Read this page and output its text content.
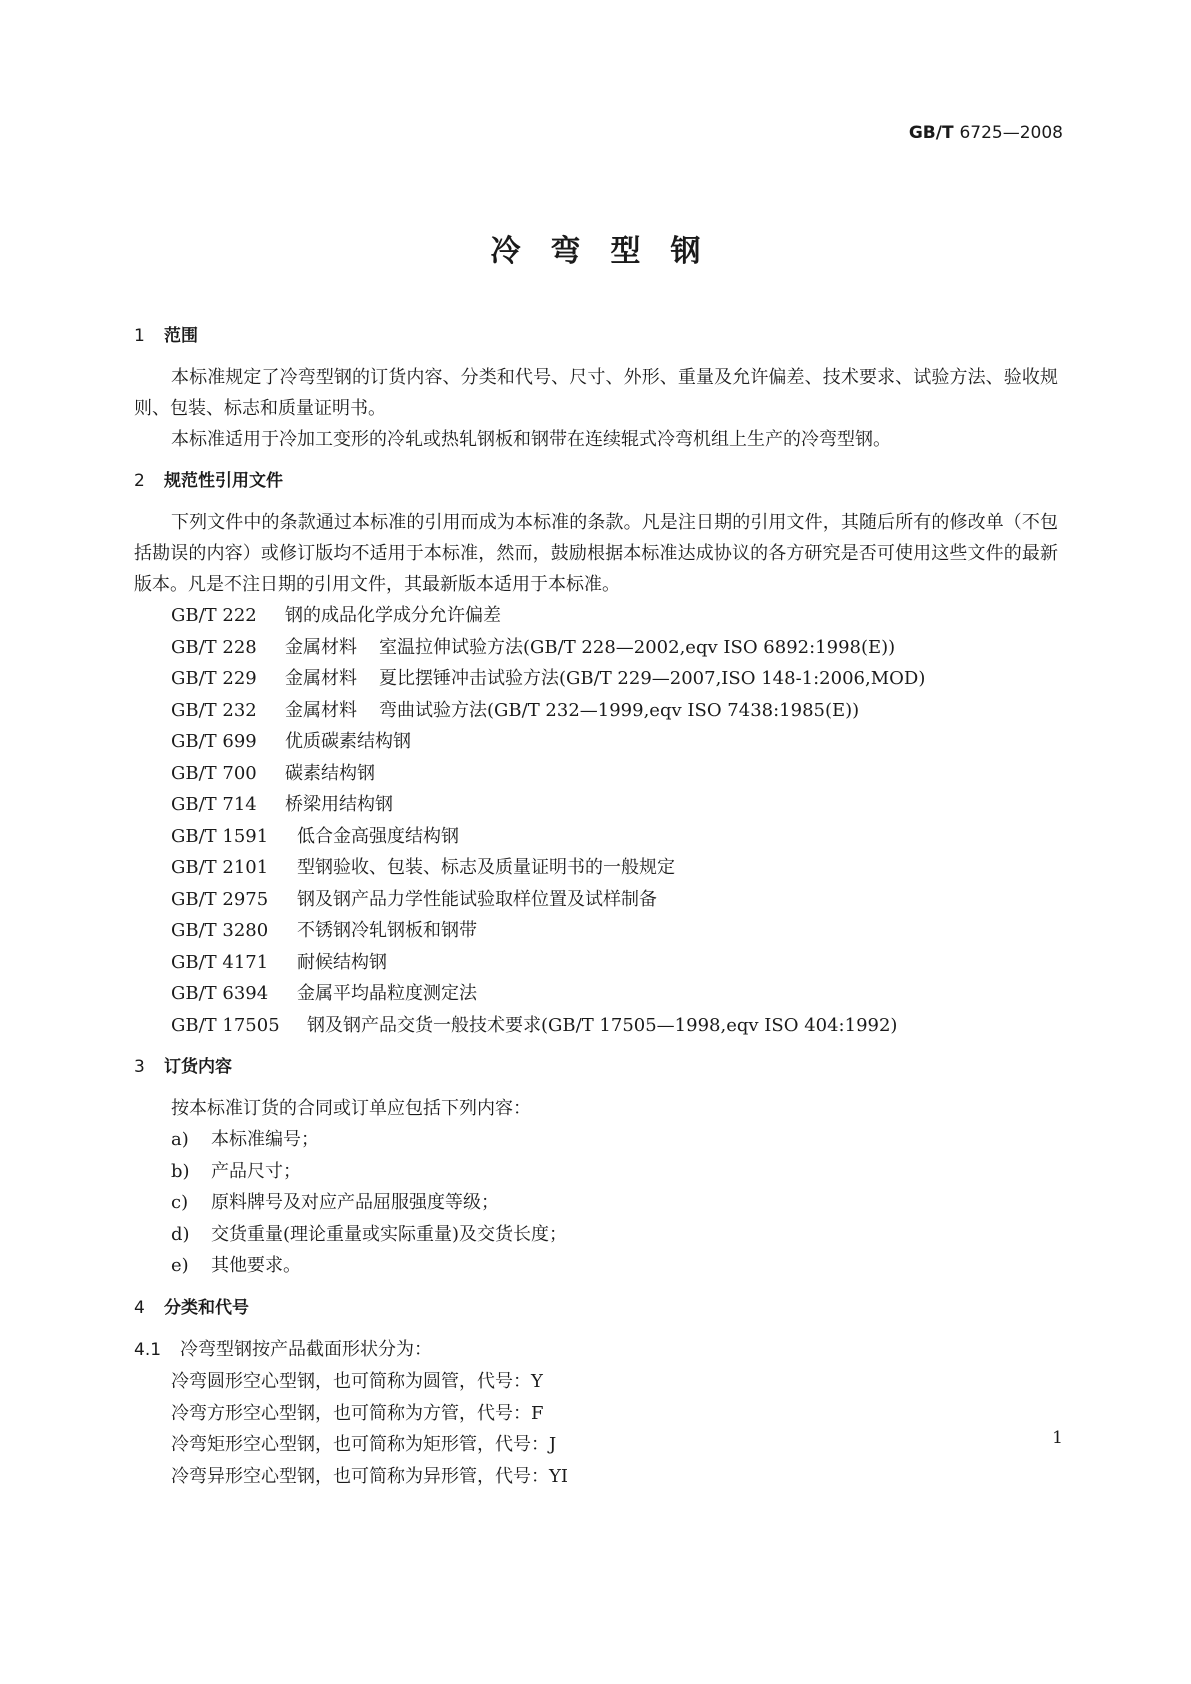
GB/T 6725—2008
冷弯型钢
1 范围
本标准规定了冷弯型钢的订货内容、分类和代号、尺寸、外形、重量及允许偏差、技术要求、试验方法、验收规则、包装、标志和质量证明书。
本标准适用于冷加工变形的冷轧或热轧钢板和钢带在连续辊式冷弯机组上生产的冷弯型钢。
2 规范性引用文件
下列文件中的条款通过本标准的引用而成为本标准的条款。凡是注日期的引用文件，其随后所有的修改单（不包括勘误的内容）或修订版均不适用于本标准，然而，鼓励根据本标准达成协议的各方研究是否可使用这些文件的最新版本。凡是不注日期的引用文件，其最新版本适用于本标准。
GB/T 222 钢的成品化学成分允许偏差
GB/T 228 金属材料 室温拉伸试验方法(GB/T 228—2002,eqv ISO 6892:1998(E))
GB/T 229 金属材料 夏比摆锤冲击试验方法(GB/T 229—2007,ISO 148-1:2006,MOD)
GB/T 232 金属材料 弯曲试验方法(GB/T 232—1999,eqv ISO 7438:1985(E))
GB/T 699 优质碳素结构钢
GB/T 700 碳素结构钢
GB/T 714 桥梁用结构钢
GB/T 1591 低合金高强度结构钢
GB/T 2101 型钢验收、包装、标志及质量证明书的一般规定
GB/T 2975 钢及钢产品力学性能试验取样位置及试样制备
GB/T 3280 不锈钢冷轧钢板和钢带
GB/T 4171 耐候结构钢
GB/T 6394 金属平均晶粒度测定法
GB/T 17505 钢及钢产品交货一般技术要求(GB/T 17505—1998,eqv ISO 404:1992)
3 订货内容
按本标准订货的合同或订单应包括下列内容：
a) 本标准编号；
b) 产品尺寸；
c) 原料牌号及对应产品屈服强度等级；
d) 交货重量(理论重量或实际重量)及交货长度；
e) 其他要求。
4 分类和代号
4.1 冷弯型钢按产品截面形状分为：
冷弯圆形空心型钢，也可简称为圆管，代号：Y
冷弯方形空心型钢，也可简称为方管，代号：F
冷弯矩形空心型钢，也可简称为矩形管，代号：J
冷弯异形空心型钢，也可简称为异形管，代号：YI
1
